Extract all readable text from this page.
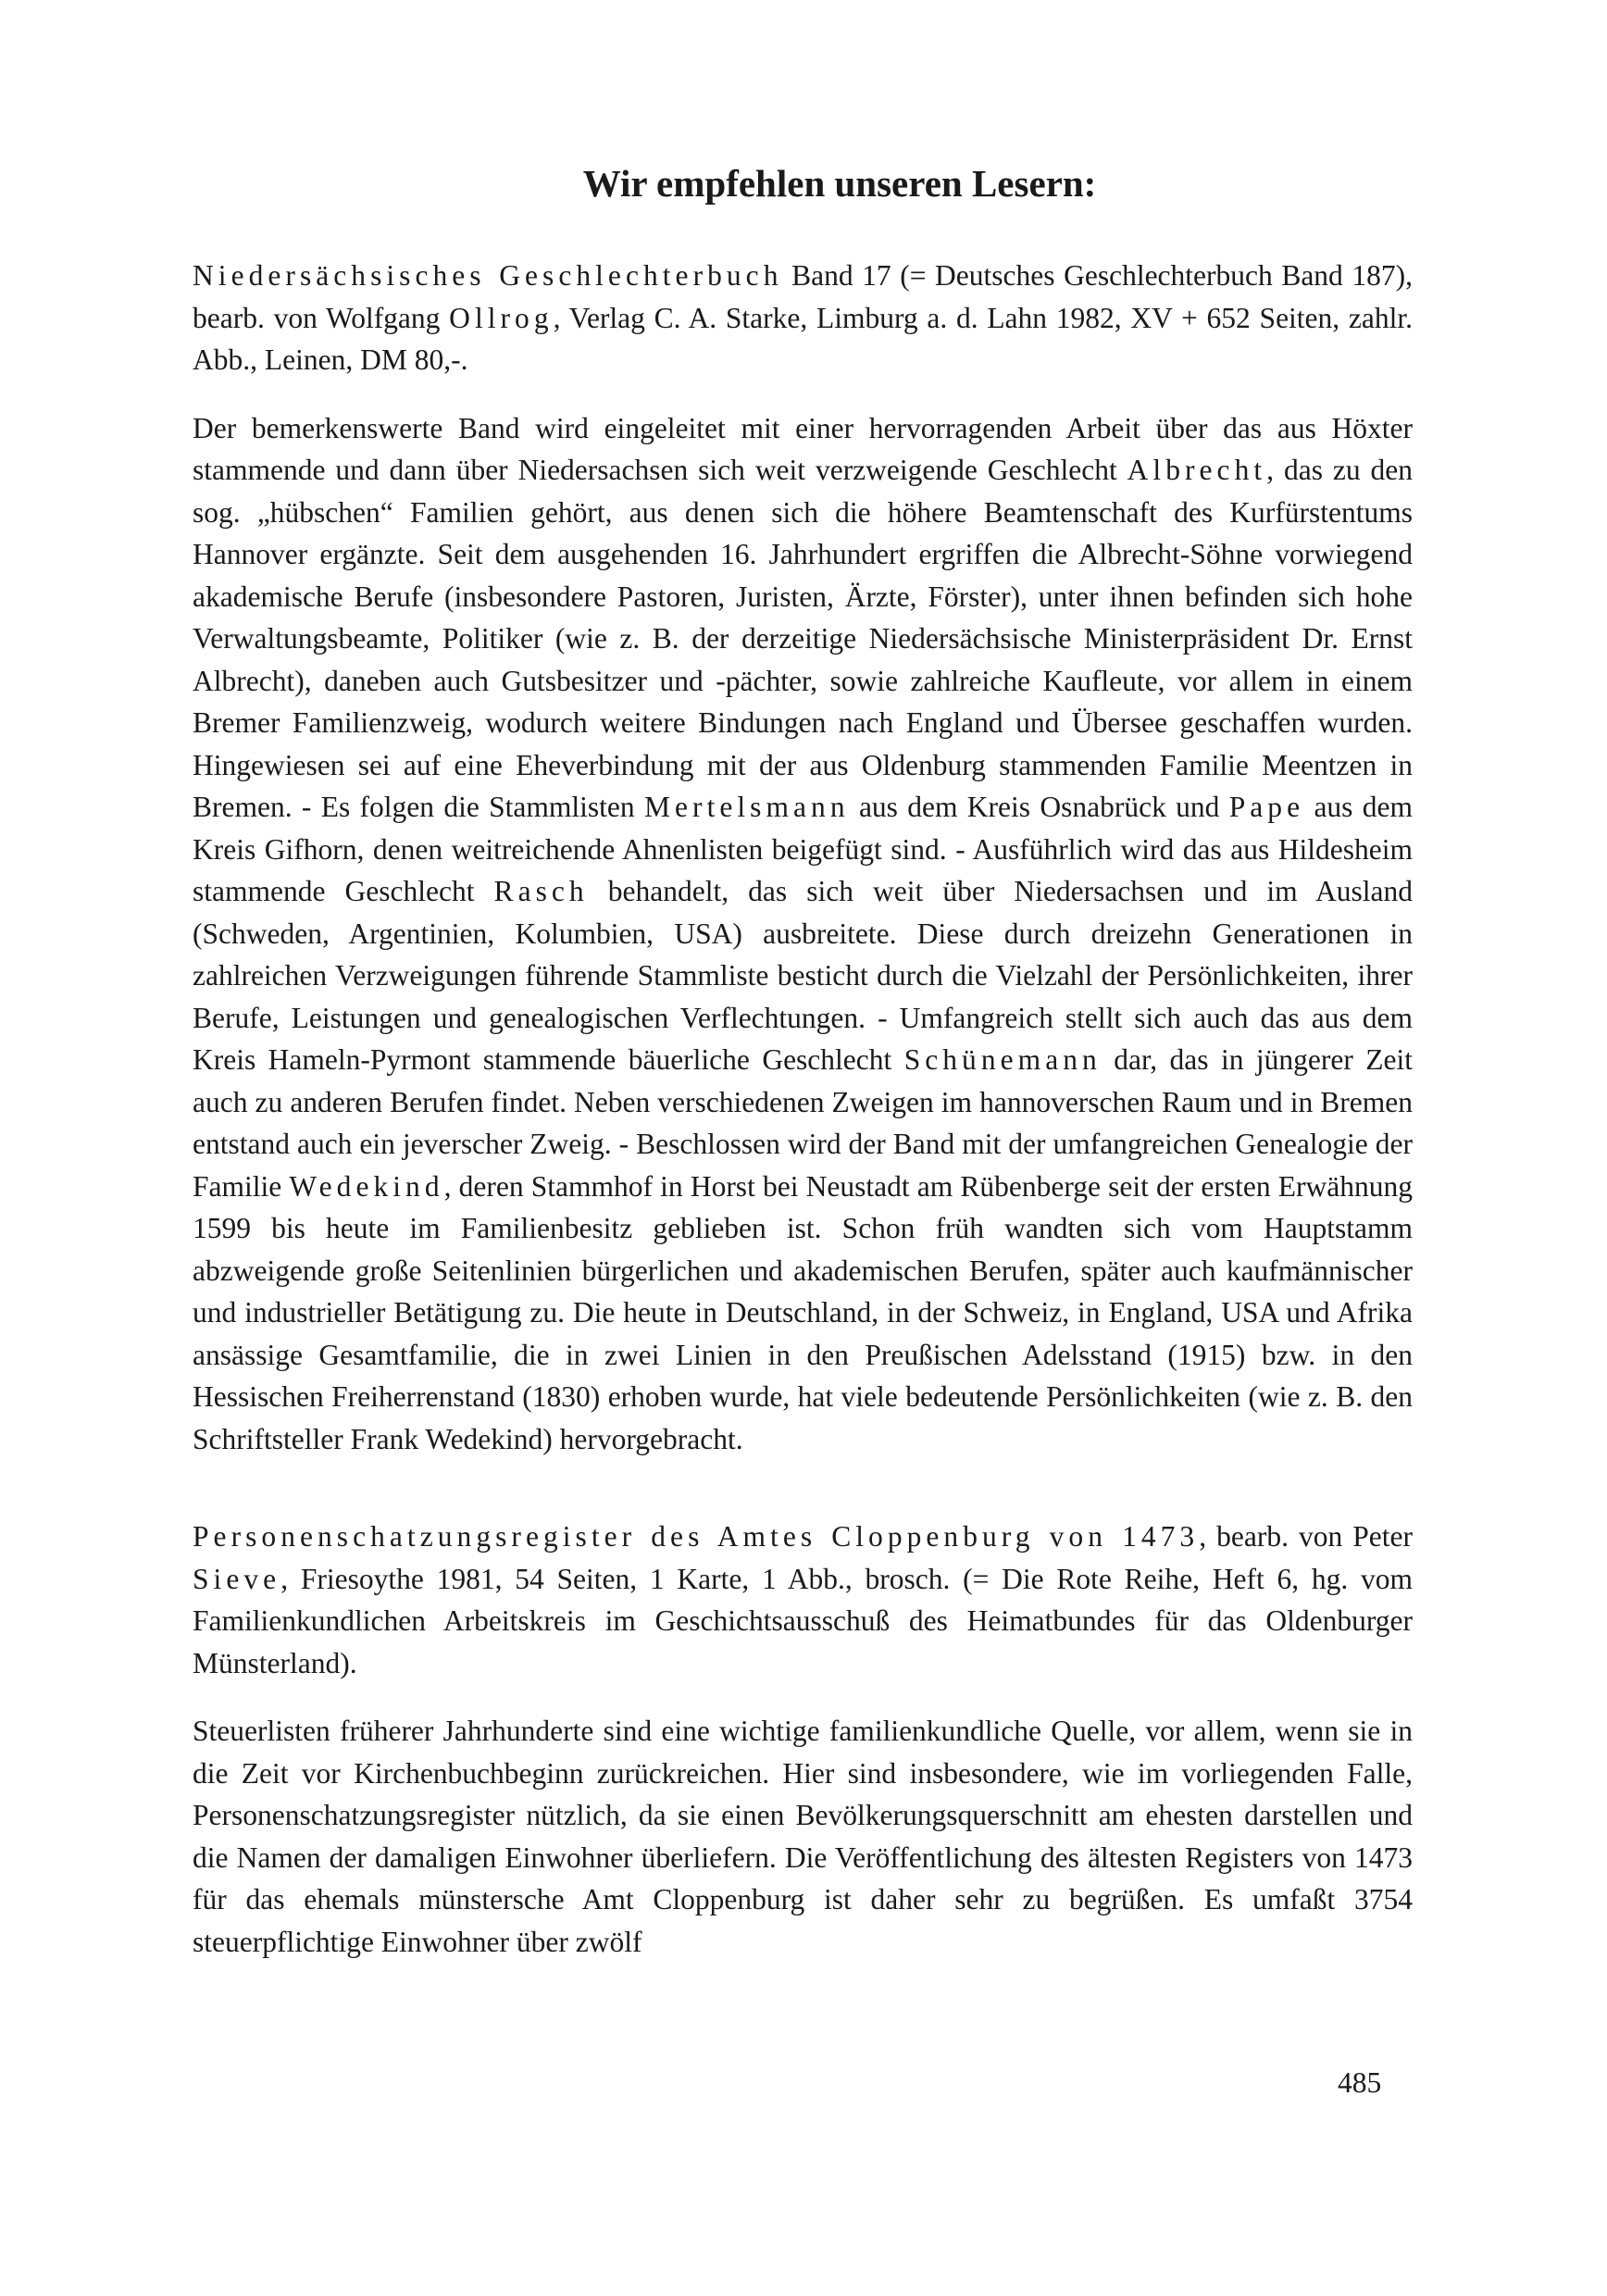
Wir empfehlen unseren Lesern:

Niedersächsisches Geschlechterbuch Band 17 (= Deutsches Geschlechterbuch Band 187), bearb. von Wolfgang Ollrog, Verlag C. A. Starke, Limburg a. d. Lahn 1982, XV + 652 Seiten, zahlr. Abb., Leinen, DM 80,-.

Der bemerkenswerte Band wird eingeleitet mit einer hervorragenden Arbeit über das aus Höxter stammende und dann über Niedersachsen sich weit verzweigende Geschlecht Albrecht, das zu den sog. „hübschen“ Familien gehört, aus denen sich die höhere Beamtenschaft des Kurfürstentums Hannover ergänzte. Seit dem ausgehenden 16. Jahrhundert ergriffen die Albrecht-Söhne vorwiegend akademische Berufe (insbesondere Pastoren, Juristen, Ärzte, Förster), unter ihnen befinden sich hohe Verwaltungsbeamte, Politiker (wie z. B. der derzeitige Niedersächsische Ministerpräsident Dr. Ernst Albrecht), daneben auch Gutsbesitzer und -pächter, sowie zahlreiche Kaufleute, vor allem in einem Bremer Familienzweig, wodurch weitere Bindungen nach England und Übersee geschaffen wurden. Hingewiesen sei auf eine Eheverbindung mit der aus Oldenburg stammenden Familie Meentzen in Bremen. - Es folgen die Stammlisten Mertelsmann aus dem Kreis Osnabrück und Pape aus dem Kreis Gifhorn, denen weitreichende Ahnenlisten beigefügt sind. - Ausführlich wird das aus Hildesheim stammende Geschlecht Rasch behandelt, das sich weit über Niedersachsen und im Ausland (Schweden, Argentinien, Kolumbien, USA) ausbreitete. Diese durch dreizehn Generationen in zahlreichen Verzweigungen führende Stammliste besticht durch die Vielzahl der Persönlichkeiten, ihrer Berufe, Leistungen und genealogischen Verflechtungen. - Umfangreich stellt sich auch das aus dem Kreis Hameln-Pyrmont stammende bäuerliche Geschlecht Schünemann dar, das in jüngerer Zeit auch zu anderen Berufen findet. Neben verschiedenen Zweigen im hannoverschen Raum und in Bremen entstand auch ein jeverscher Zweig. - Beschlossen wird der Band mit der umfangreichen Genealogie der Familie Wedekind, deren Stammhof in Horst bei Neustadt am Rübenberge seit der ersten Erwähnung 1599 bis heute im Familienbesitz geblieben ist. Schon früh wandten sich vom Hauptstamm abzweigende große Seitenlinien bürgerlichen und akademischen Berufen, später auch kaufmännischer und industrieller Betätigung zu. Die heute in Deutschland, in der Schweiz, in England, USA und Afrika ansässige Gesamtfamilie, die in zwei Linien in den Preußischen Adelsstand (1915) bzw. in den Hessischen Freiherrenstand (1830) erhoben wurde, hat viele bedeutende Persönlichkeiten (wie z. B. den Schriftsteller Frank Wedekind) hervorgebracht.

Personenschatzungsregister des Amtes Cloppenburg von 1473, bearb. von Peter Sieve, Friesoythe 1981, 54 Seiten, 1 Karte, 1 Abb., brosch. (= Die Rote Reihe, Heft 6, hg. vom Familienkundlichen Arbeitskreis im Geschichtsausschuß des Heimatbundes für das Oldenburger Münsterland).

Steuerlisten früherer Jahrhunderte sind eine wichtige familienkundliche Quelle, vor allem, wenn sie in die Zeit vor Kirchenbuchbeginn zurückreichen. Hier sind insbesondere, wie im vorliegenden Falle, Personenschatzungsregister nützlich, da sie einen Bevölkerungsquerschnitt am ehesten darstellen und die Namen der damaligen Einwohner überliefern. Die Veröffentlichung des ältesten Registers von 1473 für das ehemals münstersche Amt Cloppenburg ist daher sehr zu begrüßen. Es umfaßt 3754 steuerpflichtige Einwohner über zwölf

485
